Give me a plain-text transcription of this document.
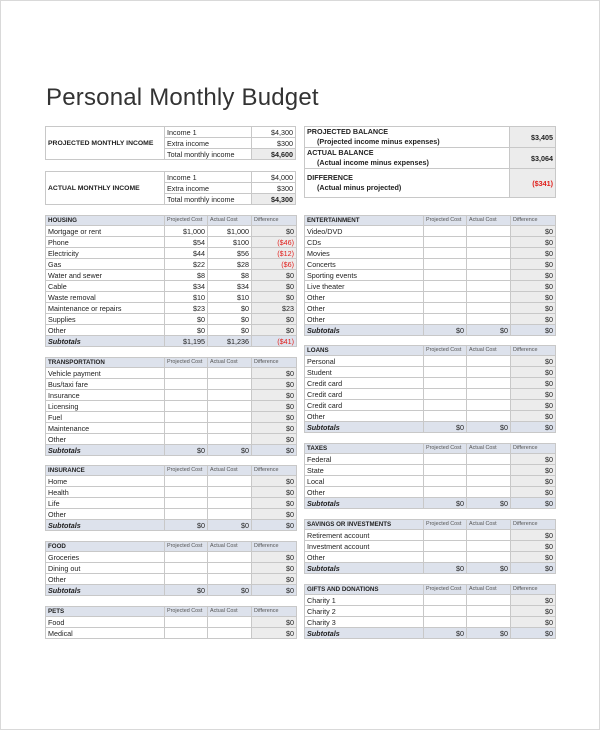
Personal Monthly Budget
PROJECTED MONTHLY INCOME	Income 1	$4,300
	Extra income	$300
	Total monthly income	$4,600
ACTUAL MONTHLY INCOME	Income 1	$4,000
	Extra income	$300
	Total monthly income	$4,300
PROJECTED BALANCE
(Projected income minus expenses)	$3,405

ACTUAL BALANCE
(Actual income minus expenses)	$3,064

DIFFERENCE
(Actual minus projected)	($341)
HOUSING	Projected Cost	Actual Cost	Difference
Mortgage or rent	$1,000	$1,000	$0
Phone	$54	$100	($46)
Electricity	$44	$56	($12)
Gas	$22	$28	($6)
Water and sewer	$8	$8	$0
Cable	$34	$34	$0
Waste removal	$10	$10	$0
Maintenance or repairs	$23	$0	$23
Supplies	$0	$0	$0
Other	$0	$0	$0
Subtotals	$1,195	$1,236	($41)
TRANSPORTATION	Projected Cost	Actual Cost	Difference
Vehicle payment			$0
Bus/taxi fare			$0
Insurance			$0
Licensing			$0
Fuel			$0
Maintenance			$0
Other			$0
Subtotals	$0	$0	$0
INSURANCE	Projected Cost	Actual Cost	Difference
Home			$0
Health			$0
Life			$0
Other			$0
Subtotals	$0	$0	$0
FOOD	Projected Cost	Actual Cost	Difference
Groceries			$0
Dining out			$0
Other			$0
Subtotals	$0	$0	$0
PETS	Projected Cost	Actual Cost	Difference
Food			$0
Medical			$0
ENTERTAINMENT	Projected Cost	Actual Cost	Difference
Video/DVD			$0
CDs			$0
Movies			$0
Concerts			$0
Sporting events			$0
Live theater			$0
Other			$0
Other			$0
Other			$0
Subtotals	$0	$0	$0
LOANS	Projected Cost	Actual Cost	Difference
Personal			$0
Student			$0
Credit card			$0
Credit card			$0
Credit card			$0
Other			$0
Subtotals	$0	$0	$0
TAXES	Projected Cost	Actual Cost	Difference
Federal			$0
State			$0
Local			$0
Other			$0
Subtotals	$0	$0	$0
SAVINGS OR INVESTMENTS	Projected Cost	Actual Cost	Difference
Retirement account			$0
Investment account			$0
Other			$0
Subtotals	$0	$0	$0
GIFTS AND DONATIONS	Projected Cost	Actual Cost	Difference
Charity 1			$0
Charity 2			$0
Charity 3			$0
Subtotals	$0	$0	$0
